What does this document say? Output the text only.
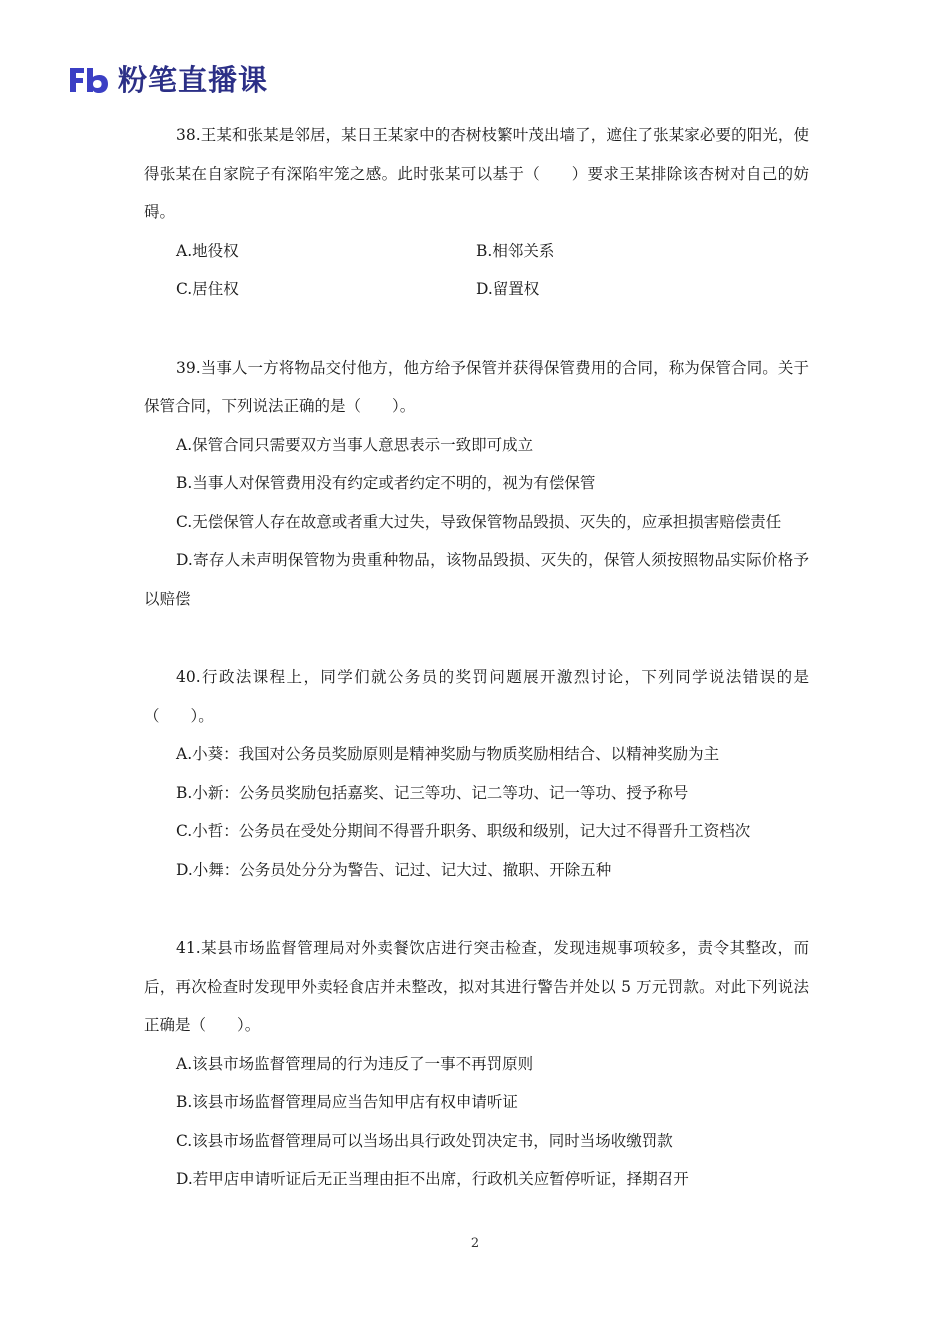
粉笔直播课

38.王某和张某是邻居，某日王某家中的杏树枝繁叶茂出墙了，遮住了张某家必要的阳光，使得张某在自家院子有深陷牢笼之感。此时张某可以基于（　　）要求王某排除该杏树对自己的妨碍。

A.地役权	B.相邻关系
C.居住权	D.留置权

39.当事人一方将物品交付他方，他方给予保管并获得保管费用的合同，称为保管合同。关于保管合同，下列说法正确的是（　　）。

A.保管合同只需要双方当事人意思表示一致即可成立

B.当事人对保管费用没有约定或者约定不明的，视为有偿保管

C.无偿保管人存在故意或者重大过失，导致保管物品毁损、灭失的，应承担损害赔偿责任

D.寄存人未声明保管物为贵重种物品，该物品毁损、灭失的，保管人须按照物品实际价格予以赔偿

40.行政法课程上，同学们就公务员的奖罚问题展开激烈讨论，下列同学说法错误的是（　　）。

A.小葵：我国对公务员奖励原则是精神奖励与物质奖励相结合、以精神奖励为主

B.小新：公务员奖励包括嘉奖、记三等功、记二等功、记一等功、授予称号

C.小哲：公务员在受处分期间不得晋升职务、职级和级别，记大过不得晋升工资档次

D.小舞：公务员处分分为警告、记过、记大过、撤职、开除五种

41.某县市场监督管理局对外卖餐饮店进行突击检查，发现违规事项较多，责令其整改，而后，再次检查时发现甲外卖轻食店并未整改，拟对其进行警告并处以 5 万元罚款。对此下列说法正确是（　　）。

A.该县市场监督管理局的行为违反了一事不再罚原则

B.该县市场监督管理局应当告知甲店有权申请听证

C.该县市场监督管理局可以当场出具行政处罚决定书，同时当场收缴罚款

D.若甲店申请听证后无正当理由拒不出席，行政机关应暂停听证，择期召开

2
